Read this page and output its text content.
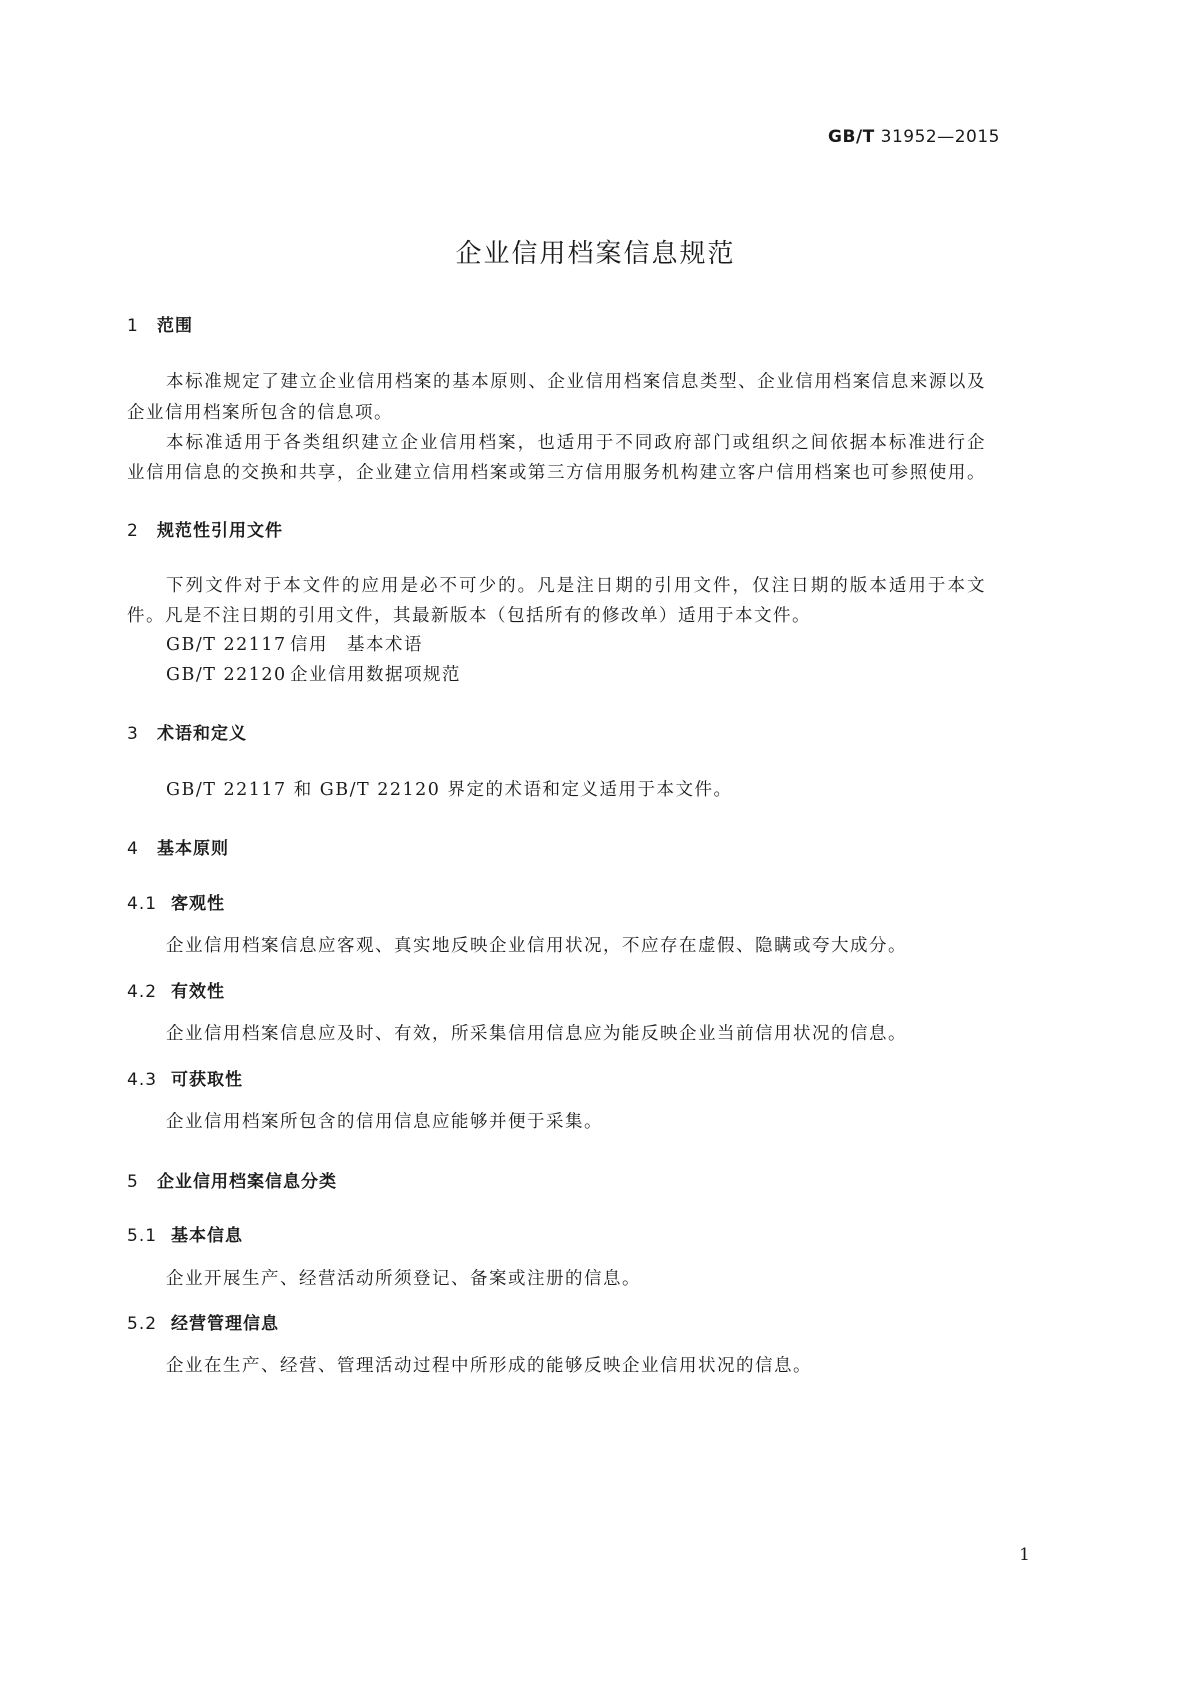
GB/T 31952—2015
企业信用档案信息规范
1 范围
本标准规定了建立企业信用档案的基本原则、企业信用档案信息类型、企业信用档案信息来源以及
企业信用档案所包含的信息项。
本标准适用于各类组织建立企业信用档案，也适用于不同政府部门或组织之间依据本标准进行企
业信用信息的交换和共享，企业建立信用档案或第三方信用服务机构建立客户信用档案也可参照使用。
2 规范性引用文件
下列文件对于本文件的应用是必不可少的。凡是注日期的引用文件，仅注日期的版本适用于本文
件。凡是不注日期的引用文件，其最新版本（包括所有的修改单）适用于本文件。
GB/T 22117 信用　基本术语
GB/T 22120 企业信用数据项规范
3 术语和定义
GB/T 22117 和 GB/T 22120 界定的术语和定义适用于本文件。
4 基本原则
4.1 客观性
企业信用档案信息应客观、真实地反映企业信用状况，不应存在虚假、隐瞒或夸大成分。
4.2 有效性
企业信用档案信息应及时、有效，所采集信用信息应为能反映企业当前信用状况的信息。
4.3 可获取性
企业信用档案所包含的信用信息应能够并便于采集。
5 企业信用档案信息分类
5.1 基本信息
企业开展生产、经营活动所须登记、备案或注册的信息。
5.2 经营管理信息
企业在生产、经营、管理活动过程中所形成的能够反映企业信用状况的信息。
1
